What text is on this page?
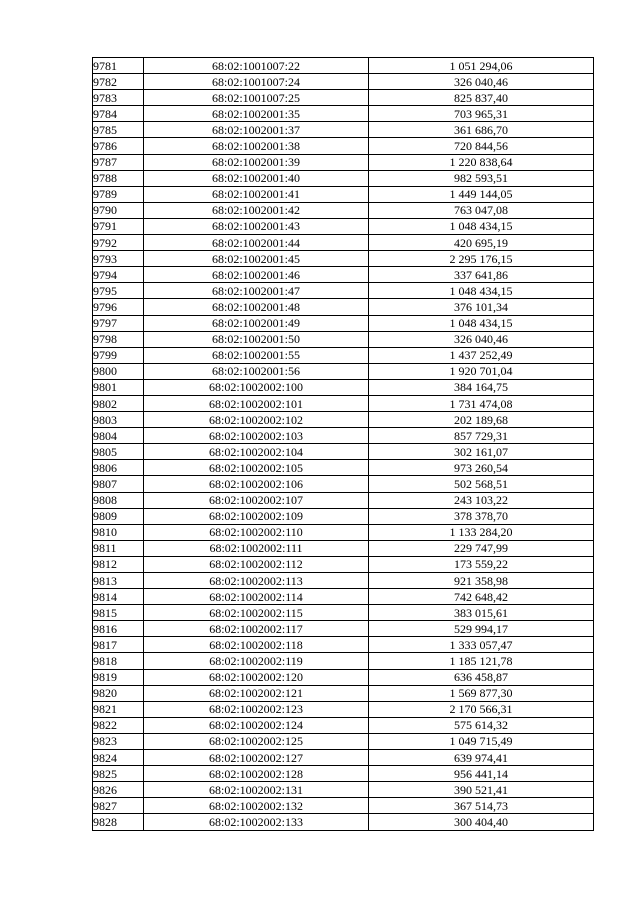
9781	68:02:1001007:22	1 051 294,06
9782	68:02:1001007:24	326 040,46
9783	68:02:1001007:25	825 837,40
9784	68:02:1002001:35	703 965,31
9785	68:02:1002001:37	361 686,70
9786	68:02:1002001:38	720 844,56
9787	68:02:1002001:39	1 220 838,64
9788	68:02:1002001:40	982 593,51
9789	68:02:1002001:41	1 449 144,05
9790	68:02:1002001:42	763 047,08
9791	68:02:1002001:43	1 048 434,15
9792	68:02:1002001:44	420 695,19
9793	68:02:1002001:45	2 295 176,15
9794	68:02:1002001:46	337 641,86
9795	68:02:1002001:47	1 048 434,15
9796	68:02:1002001:48	376 101,34
9797	68:02:1002001:49	1 048 434,15
9798	68:02:1002001:50	326 040,46
9799	68:02:1002001:55	1 437 252,49
9800	68:02:1002001:56	1 920 701,04
9801	68:02:1002002:100	384 164,75
9802	68:02:1002002:101	1 731 474,08
9803	68:02:1002002:102	202 189,68
9804	68:02:1002002:103	857 729,31
9805	68:02:1002002:104	302 161,07
9806	68:02:1002002:105	973 260,54
9807	68:02:1002002:106	502 568,51
9808	68:02:1002002:107	243 103,22
9809	68:02:1002002:109	378 378,70
9810	68:02:1002002:110	1 133 284,20
9811	68:02:1002002:111	229 747,99
9812	68:02:1002002:112	173 559,22
9813	68:02:1002002:113	921 358,98
9814	68:02:1002002:114	742 648,42
9815	68:02:1002002:115	383 015,61
9816	68:02:1002002:117	529 994,17
9817	68:02:1002002:118	1 333 057,47
9818	68:02:1002002:119	1 185 121,78
9819	68:02:1002002:120	636 458,87
9820	68:02:1002002:121	1 569 877,30
9821	68:02:1002002:123	2 170 566,31
9822	68:02:1002002:124	575 614,32
9823	68:02:1002002:125	1 049 715,49
9824	68:02:1002002:127	639 974,41
9825	68:02:1002002:128	956 441,14
9826	68:02:1002002:131	390 521,41
9827	68:02:1002002:132	367 514,73
9828	68:02:1002002:133	300 404,40
